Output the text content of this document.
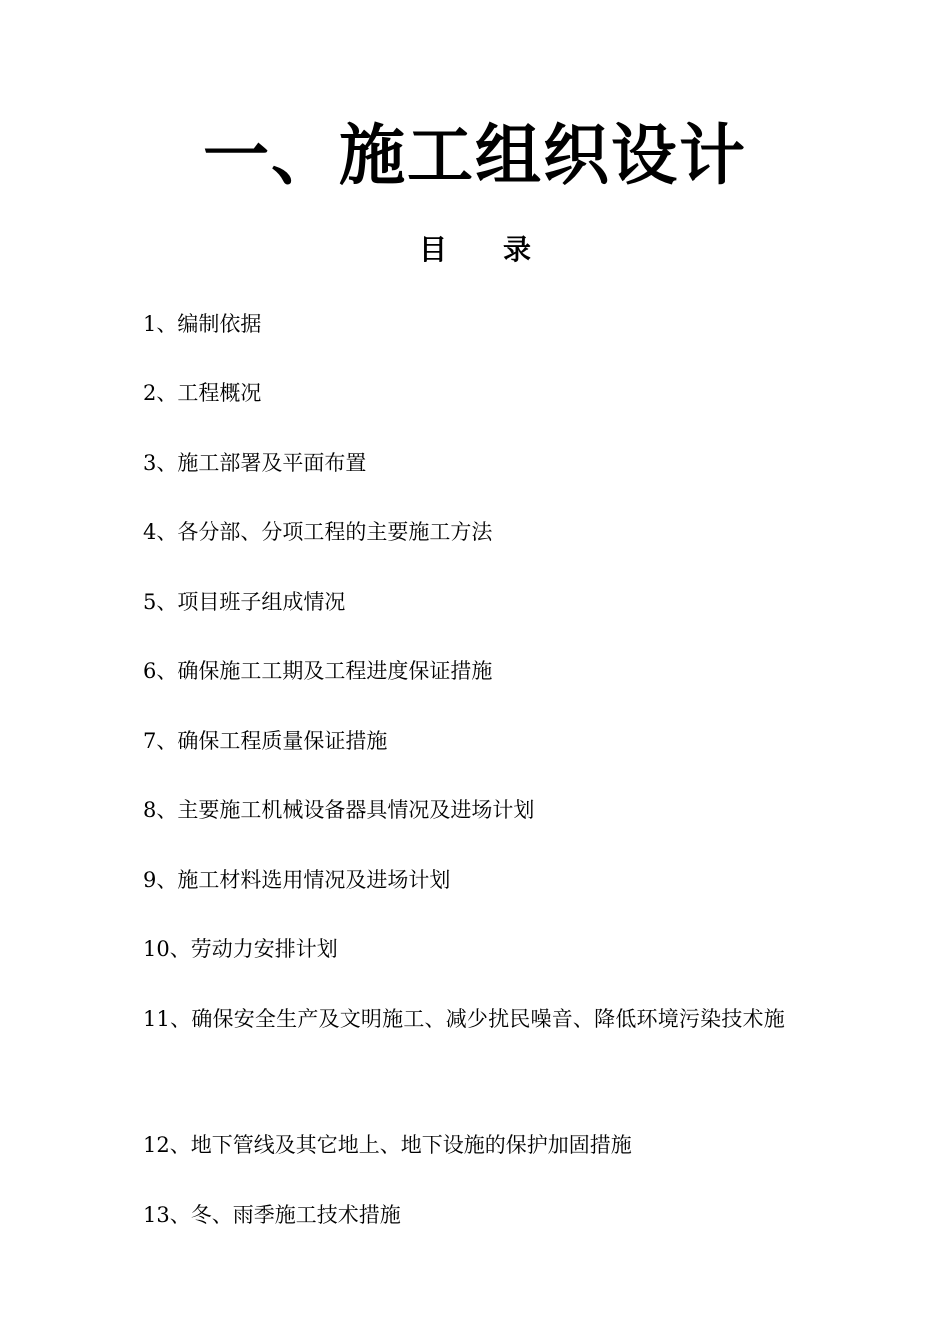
一、施工组织设计
目 录
1、编制依据
2、工程概况
3、施工部署及平面布置
4、各分部、分项工程的主要施工方法
5、项目班子组成情况
6、确保施工工期及工程进度保证措施
7、确保工程质量保证措施
8、主要施工机械设备器具情况及进场计划
9、施工材料选用情况及进场计划
10、劳动力安排计划
11、确保安全生产及文明施工、减少扰民噪音、降低环境污染技术施
12、地下管线及其它地上、地下设施的保护加固措施
13、冬、雨季施工技术措施
